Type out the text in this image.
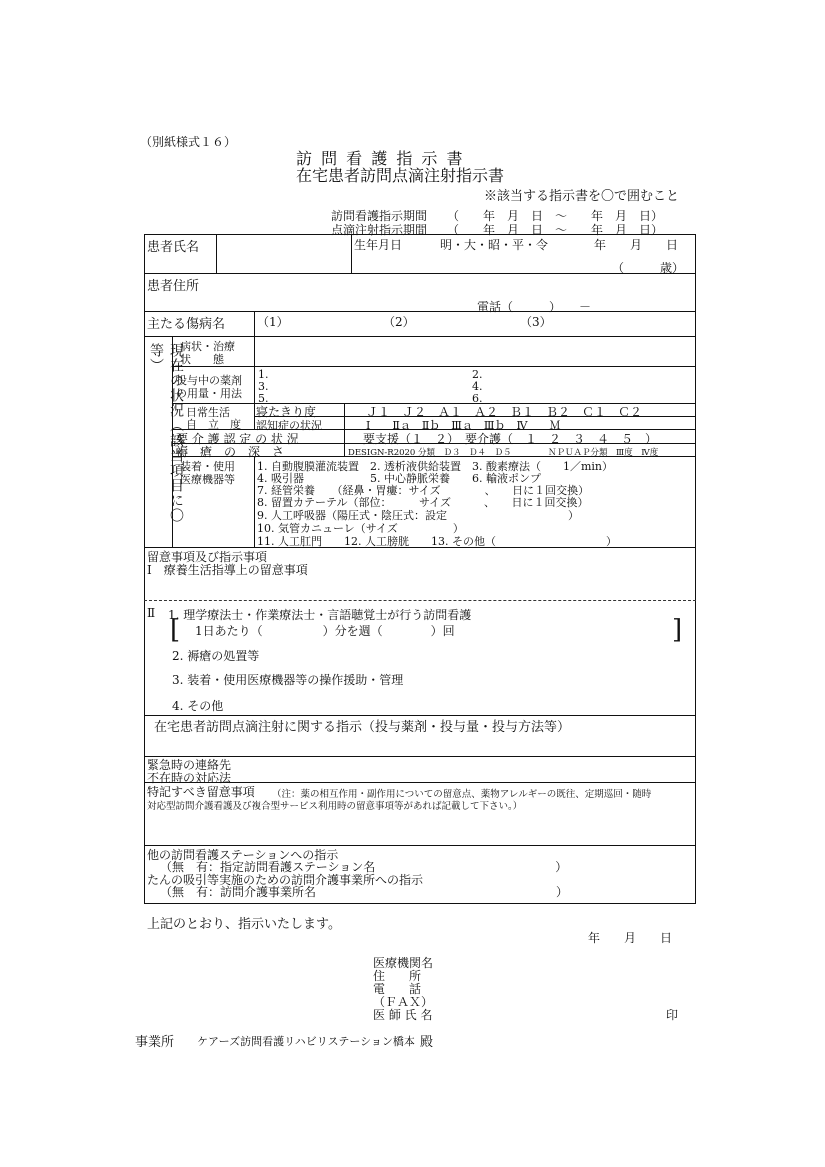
（別紙様式１６）
訪 問 看 護 指 示 書
在宅患者訪問点滴注射指示書
※該当する指示書を〇で囲むこと
訪問看護指示期間 （　　年　月　日　〜　　年　月　日）
点滴注射指示期間 （　　年　月　日　〜　　年　月　日）
患者氏名	生年月日	明・大・昭・平・令	年　　月　　日
（　　　歳）
患者住所
電話（　　　）　　－
主たる傷病名	（1）	（2）	（3）
現在の状況（該当項目に〇等）	病状・治療
状　　態
投与中の薬剤
の用量・用法
1.	2.
3.	4.
5.	6.
日常生活
自　立　度
寝たきり度	Ｊ１　Ｊ２　Ａ１　Ａ２　Ｂ１　Ｂ２　Ｃ１　Ｃ２
認知症の状況	Ⅰ　　Ⅱａ　Ⅱｂ　Ⅲａ　Ⅲｂ　Ⅳ　　Ｍ
要 介 護 認 定 の 状 況	要支援（１　２）　要介護（　１　２　３　４　５　）
褥　瘡　の　深　さ	DESIGN-R2020 分類　Ｄ３　Ｄ４　Ｄ５	ＮＰＵＡＰ分類　Ⅲ度　Ⅳ度
装着・使用
医療機器等
1. 自動腹膜灌流装置　2. 透析液供給装置　3. 酸素療法（　　1／min）
4. 吸引器　　　　　　5. 中心静脈栄養　　6. 輸液ポンプ
7. 経管栄養　　（経鼻・胃瘻：サイズ　　　　、　　日に１回交換）
8. 留置カテーテル（部位：　　　サイズ　　　、　　日に１回交換）
9. 人工呼吸器（陽圧式・陰圧式：設定　　　　　　　　　　　）
10. 気管カニューレ（サイズ　　　　　）
11. 人工肛門　　12. 人工膀胱　　13. その他（　　　　　　　　　　）
留意事項及び指示事項
Ⅰ　療養生活指導上の留意事項
Ⅱ 1. 理学療法士・作業療法士・言語聴覚士が行う訪問看護
[ 1日あたり（　　　　　）分を週（　　　　）回	]
2. 褥瘡の処置等
3. 装着・使用医療機器等の操作援助・管理
4. その他
在宅患者訪問点滴注射に関する指示（投与薬剤・投与量・投与方法等）
緊急時の連絡先
不在時の対応法
特記すべき留意事項 （注：薬の相互作用・副作用についての留意点、薬物アレルギーの既往、定期巡回・随時
対応型訪問介護看護及び複合型サービス利用時の留意事項等があれば記載して下さい。）
他の訪問看護ステーションへの指示
（無　有：指定訪問看護ステーション名　　　　　　　　　　　　　　　）
たんの吸引等実施のための訪問介護事業所への指示
（無　有：訪問介護事業所名　　　　　　　　　　　　　　　　　　　　）
上記のとおり、指示いたします。
年　　月　　日
医療機関名
住　　所
電　　話
（ＦＡＸ）
医 師 氏 名	印
事業所 ケアーズ訪問看護リハビリステーション橋本 殿
